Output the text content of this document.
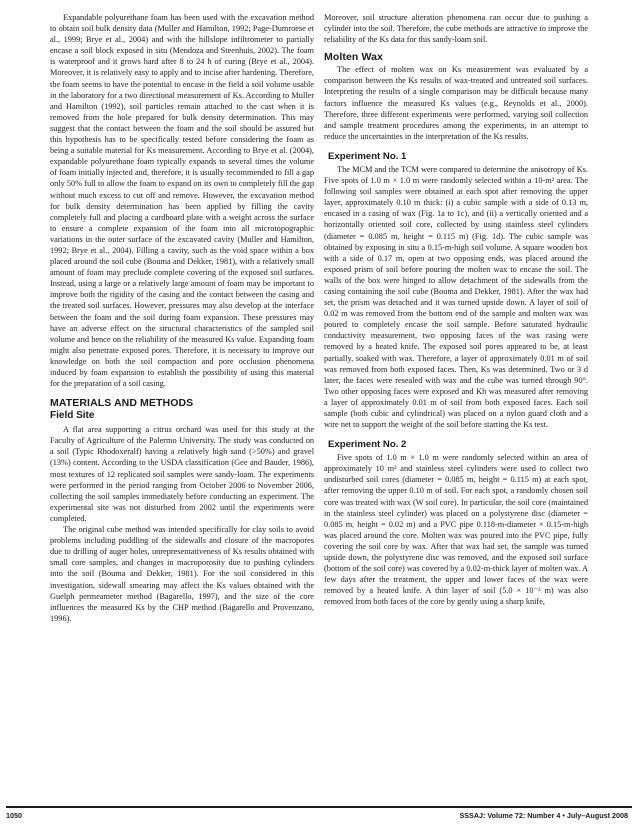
Expandable polyurethane foam has been used with the excavation method to obtain soil bulk density data (Muller and Hamilton, 1992; Page-Dumroese et al., 1999; Brye et al., 2004) and with the hillslope infiltrometer to partially encase a soil block exposed in situ (Mendoza and Steenhuis, 2002). The foam is waterproof and it grows hard after 8 to 24 h of curing (Brye et al., 2004). Moreover, it is relatively easy to apply and to incise after hardening. Therefore, the foam seems to have the potential to encase in the field a soil volume usable in the laboratory for a two directional measurement of Ks. According to Muller and Hamilton (1992), soil particles remain attached to the cast when it is removed from the hole prepared for bulk density determination. This may suggest that the contact between the foam and the soil should be assured but this hypothesis has to be specifically tested before considering the foam as being a suitable material for Ks measurement. According to Brye et al. (2004), expandable polyurethane foam typically expands to several times the volume of foam initially injected and, therefore, it is usually recommended to fill a gap only 50% full to allow the foam to expand on its own to completely fill the gap without much excess to cut off and remove. However, the excavation method for bulk density determination has been applied by filling the cavity completely full and placing a cardboard plate with a weight across the surface to ensure a complete expansion of the foam into all microtopographic variations in the outer surface of the excavated cavity (Muller and Hamilton, 1992; Brye et al., 2004). Filling a cavity, such as the void space within a box placed around the soil cube (Bouma and Dekker, 1981), with a relatively small amount of foam may preclude complete covering of the exposed soil surfaces. Instead, using a large or a relatively large amount of foam may be important to improve both the rigidity of the casing and the contact between the casing and the treated soil surfaces. However, pressures may also develop at the interface between the foam and the soil during foam expansion. These pressures may have an adverse effect on the structural characteristics of the sampled soil volume and hence on the reliability of the measured Ks value. Expanding foam might also penetrate exposed pores. Therefore, it is necessary to improve our knowledge on both the soil compaction and pore occlusion phenomena induced by foam expansion to establish the possibility of using this material for the preparation of a soil casing.

MATERIALS AND METHODS
Field Site

A flat area supporting a citrus orchard was used for this study at the Faculty of Agriculture of the Palermo University. The study was conducted on a soil (Typic Rhodoxeralf) having a relatively high sand (>50%) and gravel (13%) content. According to the USDA classification (Gee and Bauder, 1986), most textures of 12 replicated soil samples were sandy-loam. The experiments were performed in the period ranging from October 2006 to November 2006, collecting the soil samples immediately before conducting an experiment. The experimental site was not disturbed from 2002 until the experiments were completed.

The original cube method was intended specifically for clay soils to avoid problems including puddling of the sidewalls and closure of the macropores due to drilling of auger holes, unrepresentativeness of Ks results obtained with small core samples, and changes in macroporosity due to pushing cylinders into the soil (Bouma and Dekker, 1981). For the soil considered in this investigation, sidewall smearing may affect the Ks values obtained with the Guelph permeameter method (Bagarello, 1997), and the size of the core influences the measured Ks by the CHP method (Bagarello and Provenzano, 1996).

Moreover, soil structure alteration phenomena can occur due to pushing a cylinder into the soil. Therefore, the cube methods are attractive to improve the reliability of the Ks data for this sandy-loam soil.

Molten Wax

The effect of molten wax on Ks measurement was evaluated by a comparison between the Ks results of wax-treated and untreated soil surfaces. Interpreting the results of a single comparison may be difficult because many factors influence the measured Ks values (e.g., Reynolds et al., 2000). Therefore, three different experiments were performed, varying soil collection and sample treatment procedures among the experiments, in an attempt to reduce the uncertainties in the interpretation of the Ks results.

Experiment No. 1

The MCM and the TCM were compared to determine the anisotropy of Ks. Five spots of 1.0 m × 1.0 m were randomly selected within a 10-m² area. The following soil samples were obtained at each spot after removing the upper layer, approximately 0.10 m thick: (i) a cubic sample with a side of 0.13 m, encased in a casing of wax (Fig. 1a to 1c), and (ii) a vertically oriented and a horizontally oriented soil core, collected by using stainless steel cylinders (diameter = 0.085 m, height = 0.115 m) (Fig. 1d). The cubic sample was obtained by exposing in situ a 0.15-m-high soil volume. A square wooden box with a side of 0.17 m, open at two opposing ends, was placed around the exposed prism of soil before pouring the molten wax to encase the soil. The walls of the box were hinged to allow detachment of the sidewalls from the casing containing the soil cube (Bouma and Dekker, 1981). After the wax had set, the prism was detached and it was turned upside down. A layer of soil of 0.02 m was removed from the bottom end of the sample and molten wax was poured to completely encase the soil sample. Before saturated hydraulic conductivity measurement, two opposing faces of the wax casing were removed by a heated knife. The exposed soil pores appeared to be, at least partially, soaked with wax. Therefore, a layer of approximately 0.01 m of soil was removed from both exposed faces. Then, Ks was determined. Two or 3 d later, the faces were resealed with wax and the cube was turned through 90°. Two other opposing faces were exposed and Kh was measured after removing a layer of approximately 0.01 m of soil from both exposed faces. Each soil sample (both cubic and cylindrical) was placed on a nylon guard cloth and a wire net to support the weight of the soil before starting the Ks test.

Experiment No. 2

Five spots of 1.0 m × 1.0 m were randomly selected within an area of approximately 10 m² and stainless steel cylinders were used to collect two undisturbed soil cores (diameter = 0.085 m, height = 0.115 m) at each spot, after removing the upper 0.10 m of soil. For each spot, a randomly chosen soil core was treated with wax (W soil core). In particular, the soil core (maintained in the stainless steel cylinder) was placed on a polystyrene disc (diameter = 0.085 m, height = 0.02 m) and a PVC pipe 0.118-m-diameter × 0.15-m-high was placed around the core. Molten wax was poured into the PVC pipe, fully covering the soil core by wax. After that wax had set, the sample was turned upside down, the polystyrene disc was removed, and the exposed soil surface (bottom of the soil core) was covered by a 0.02-m-thick layer of molten wax. A few days after the treatment, the upper and lower faces of the wax were removed by a heated knife. A thin layer of soil (5.0 × 10⁻³ m) was also removed from both faces of the core by gently using a sharp knife,

1050	SSSAJ: Volume 72: Number 4 • July–August 2008
